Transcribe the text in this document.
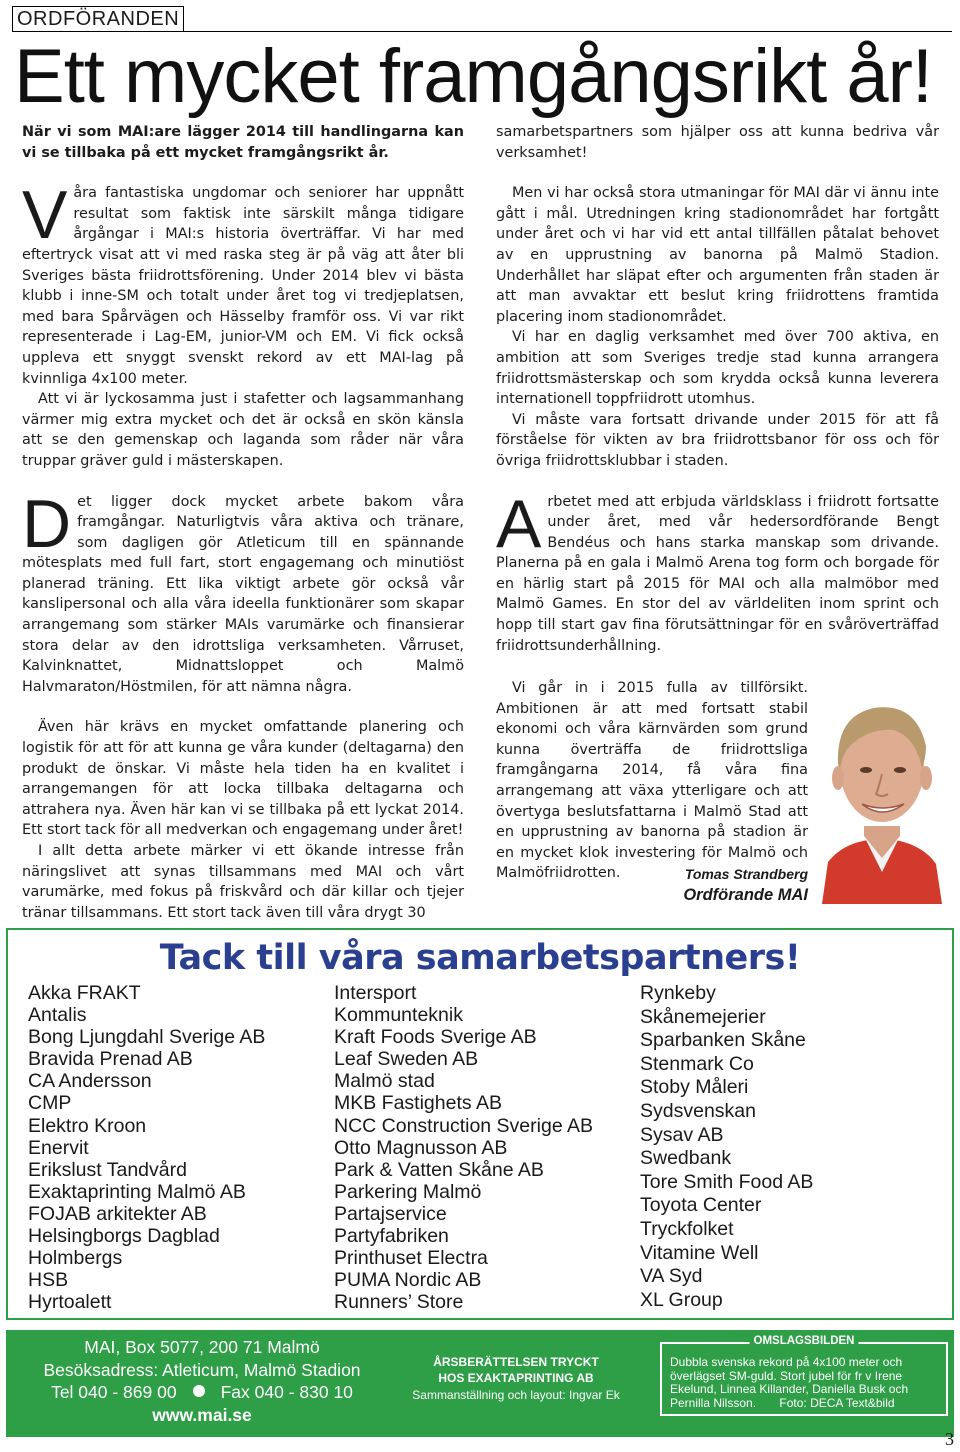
ORDFÖRANDEN
Ett mycket framgångsrikt år!

När vi som MAI:are lägger 2014 till handlingarna kan vi se tillbaka på ett mycket framgångsrikt år.

Våra fantastiska ungdomar och seniorer har uppnått resultat som faktisk inte särskilt många tidigare årgångar i MAI:s historia överträffar. Vi har med eftertryck visat att vi med raska steg är på väg att åter bli Sveriges bästa friidrottsförening. Under 2014 blev vi bästa klubb i inne-SM och totalt under året tog vi tredjeplatsen, med bara Spårvägen och Hässelby framför oss. Vi var rikt representerade i Lag-EM, junior-VM och EM. Vi fick också uppleva ett snyggt svenskt rekord av ett MAI-lag på kvinnliga 4x100 meter.

Att vi är lyckosamma just i stafetter och lagsammanhang värmer mig extra mycket och det är också en skön känsla att se den gemenskap och laganda som råder när våra truppar gräver guld i mästerskapen.

Det ligger dock mycket arbete bakom våra framgångar. Naturligtvis våra aktiva och tränare, som dagligen gör Atleticum till en spännande mötesplats med full fart, stort engagemang och minutiöst planerad träning. Ett lika viktigt arbete gör också vår kanslipersonal och alla våra ideella funktionärer som skapar arrangemang som stärker MAIs varumärke och finansierar stora delar av den idrottsliga verksamheten. Vårruset, Kalvinknattet, Midnattsloppet och Malmö Halvmaraton/Höstmilen, för att nämna några.

Även här krävs en mycket omfattande planering och logistik för att för att kunna ge våra kunder (deltagarna) den produkt de önskar. Vi måste hela tiden ha en kvalitet i arrangemangen för att locka tillbaka deltagarna och attrahera nya. Även här kan vi se tillbaka på ett lyckat 2014. Ett stort tack för all medverkan och engagemang under året!

I allt detta arbete märker vi ett ökande intresse från näringslivet att synas tillsammans med MAI och vårt varumärke, med fokus på friskvård och där killar och tjejer tränar tillsammans. Ett stort tack även till våra drygt 30

samarbetspartners som hjälper oss att kunna bedriva vår verksamhet!

Men vi har också stora utmaningar för MAI där vi ännu inte gått i mål. Utredningen kring stadionområdet har fortgått under året och vi har vid ett antal tillfällen påtalat behovet av en upprustning av banorna på Malmö Stadion. Underhållet har släpat efter och argumenten från staden är att man avvaktar ett beslut kring friidrottens framtida placering inom stadionområdet.

Vi har en daglig verksamhet med över 700 aktiva, en ambition att som Sveriges tredje stad kunna arrangera friidrottsmästerskap och som krydda också kunna leverera internationell toppfriidrott utomhus.

Vi måste vara fortsatt drivande under 2015 för att få förståelse för vikten av bra friidrottsbanor för oss och för övriga friidrottsklubbar i staden.

Arbetet med att erbjuda världsklass i friidrott fortsatte under året, med vår hedersordförande Bengt Bendéus och hans starka manskap som drivande. Planerna på en gala i Malmö Arena tog form och borgade för en härlig start på 2015 för MAI och alla malmöbor med Malmö Games. En stor del av världeliten inom sprint och hopp till start gav fina förutsättningar för en svåröverträffad friidrottsunderhållning.

Vi går in i 2015 fulla av tillförsikt. Ambitionen är att med fortsatt stabil ekonomi och våra kärnvärden som grund kunna överträffa de friidrottsliga framgångarna 2014, få våra fina arrangemang att växa ytterligare och att övertyga beslutsfattarna i Malmö Stad att en upprustning av banorna på stadion är en mycket klok investering för Malmö och Malmöfriidrotten.	Tomas Strandberg
Ordförande MAI
Tack till våra samarbetspartners!
Akka FRAKT
Antalis
Bong Ljungdahl Sverige AB
Bravida Prenad AB
CA Andersson
CMP
Elektro Kroon
Enervit
Erikslust Tandvård
Exaktaprinting Malmö AB
FOJAB arkitekter AB
Helsingborgs Dagblad
Holmbergs
HSB
Hyrtoalett
Intersport
Kommunteknik
Kraft Foods Sverige AB
Leaf Sweden AB
Malmö stad
MKB Fastighets AB
NCC Construction Sverige AB
Otto Magnusson AB
Park & Vatten Skåne AB
Parkering Malmö
Partajservice
Partyfabriken
Printhuset Electra
PUMA Nordic AB
Runners’ Store
Rynkeby
Skånemejerier
Sparbanken Skåne
Stenmark Co
Stoby Måleri
Sydsvenskan
Sysav AB
Swedbank
Tore Smith Food AB
Toyota Center
Tryckfolket
Vitamine Well
VA Syd
XL Group
MAI, Box 5077, 200 71 Malmö
Besöksadress: Atleticum, Malmö Stadion
Tel 040 - 869 00	Fax 040 - 830 10
www.mai.se
ÅRSBERÄTTELSEN TRYCKT
HOS EXAKTAPRINTING AB
Sammanställning och layout: Ingvar Ek
OMSLAGSBILDEN
Dubbla svenska rekord på 4x100 meter och överlägset SM-guld. Stort jubel för fr v Irene Ekelund, Linnea Killander, Daniella Busk och Pernilla Nilsson. Foto: DECA Text&bild
3
